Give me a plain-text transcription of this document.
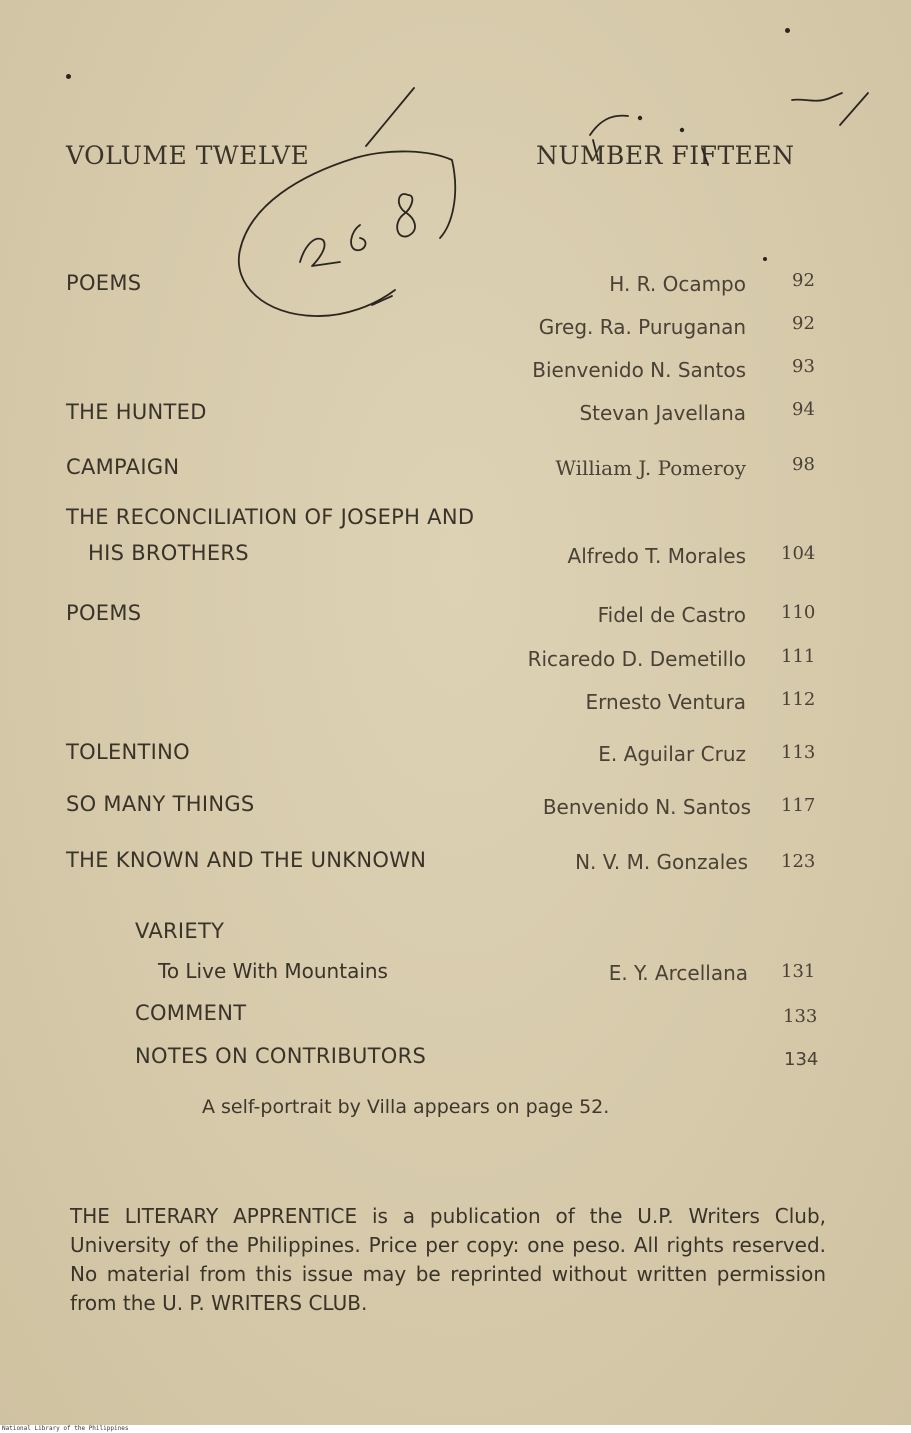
VOLUME TWELVE	NUMBER FIFTEEN
POEMS	H. R. Ocampo	92
Greg. Ra. Puruganan	92
Bienvenido N. Santos	93
THE HUNTED	Stevan Javellana	94
CAMPAIGN	William J. Pomeroy	98
THE RECONCILIATION OF JOSEPH AND
HIS BROTHERS	Alfredo T. Morales 104
POEMS	Fidel de Castro 110
Ricaredo D. Demetillo 111
Ernesto Ventura 112
TOLENTINO	E. Aguilar Cruz 113
SO MANY THINGS	Benvenido N. Santos 117
THE KNOWN AND THE UNKNOWN	N. V. M. Gonzales 123
VARIETY
To Live With Mountains	E. Y. Arcellana 131
COMMENT	133
NOTES ON CONTRIBUTORS	134
A self-portrait by Villa appears on page 52.
THE LITERARY APPRENTICE is a publication of the U.P. Writers Club, University of the Philippines. Price per copy: one peso. All rights reserved. No material from this issue may be reprinted without written permission from the U. P. WRITERS CLUB.
National Library of the Philippines
